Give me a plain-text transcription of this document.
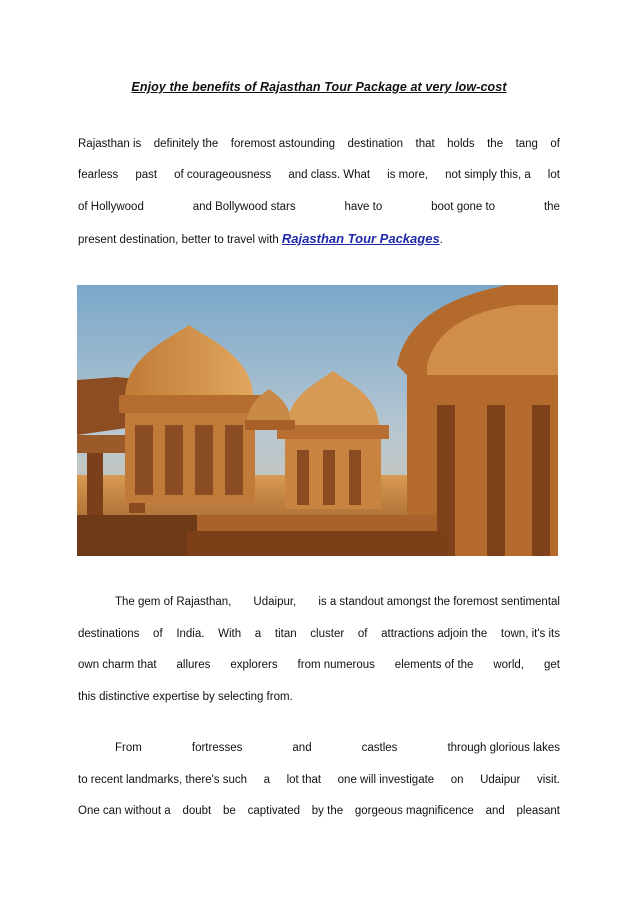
Enjoy the benefits of Rajasthan Tour Package at very low-cost
Rajasthan is definitely the foremost astounding destination that holds the tang of
fearless past of courageousness and class. What is more, not simply this, a lot
of Hollywood	and Bollywood stars	have to	boot gone to	the
present destination, better to travel with Rajasthan Tour Packages.
The gem of Rajasthan, Udaipur, is a standout amongst the foremost sentimental
destinations of India. With a titan cluster of attractions adjoin the town, it's its
own charm that allures explorers from numerous elements of the world, get
this distinctive expertise by selecting from.
From	fortresses	and	castles	through glorious lakes
to recent landmarks, there's such a lot that one will investigate on Udaipur visit.
One can without a doubt be captivated by the gorgeous magnificence and pleasant
